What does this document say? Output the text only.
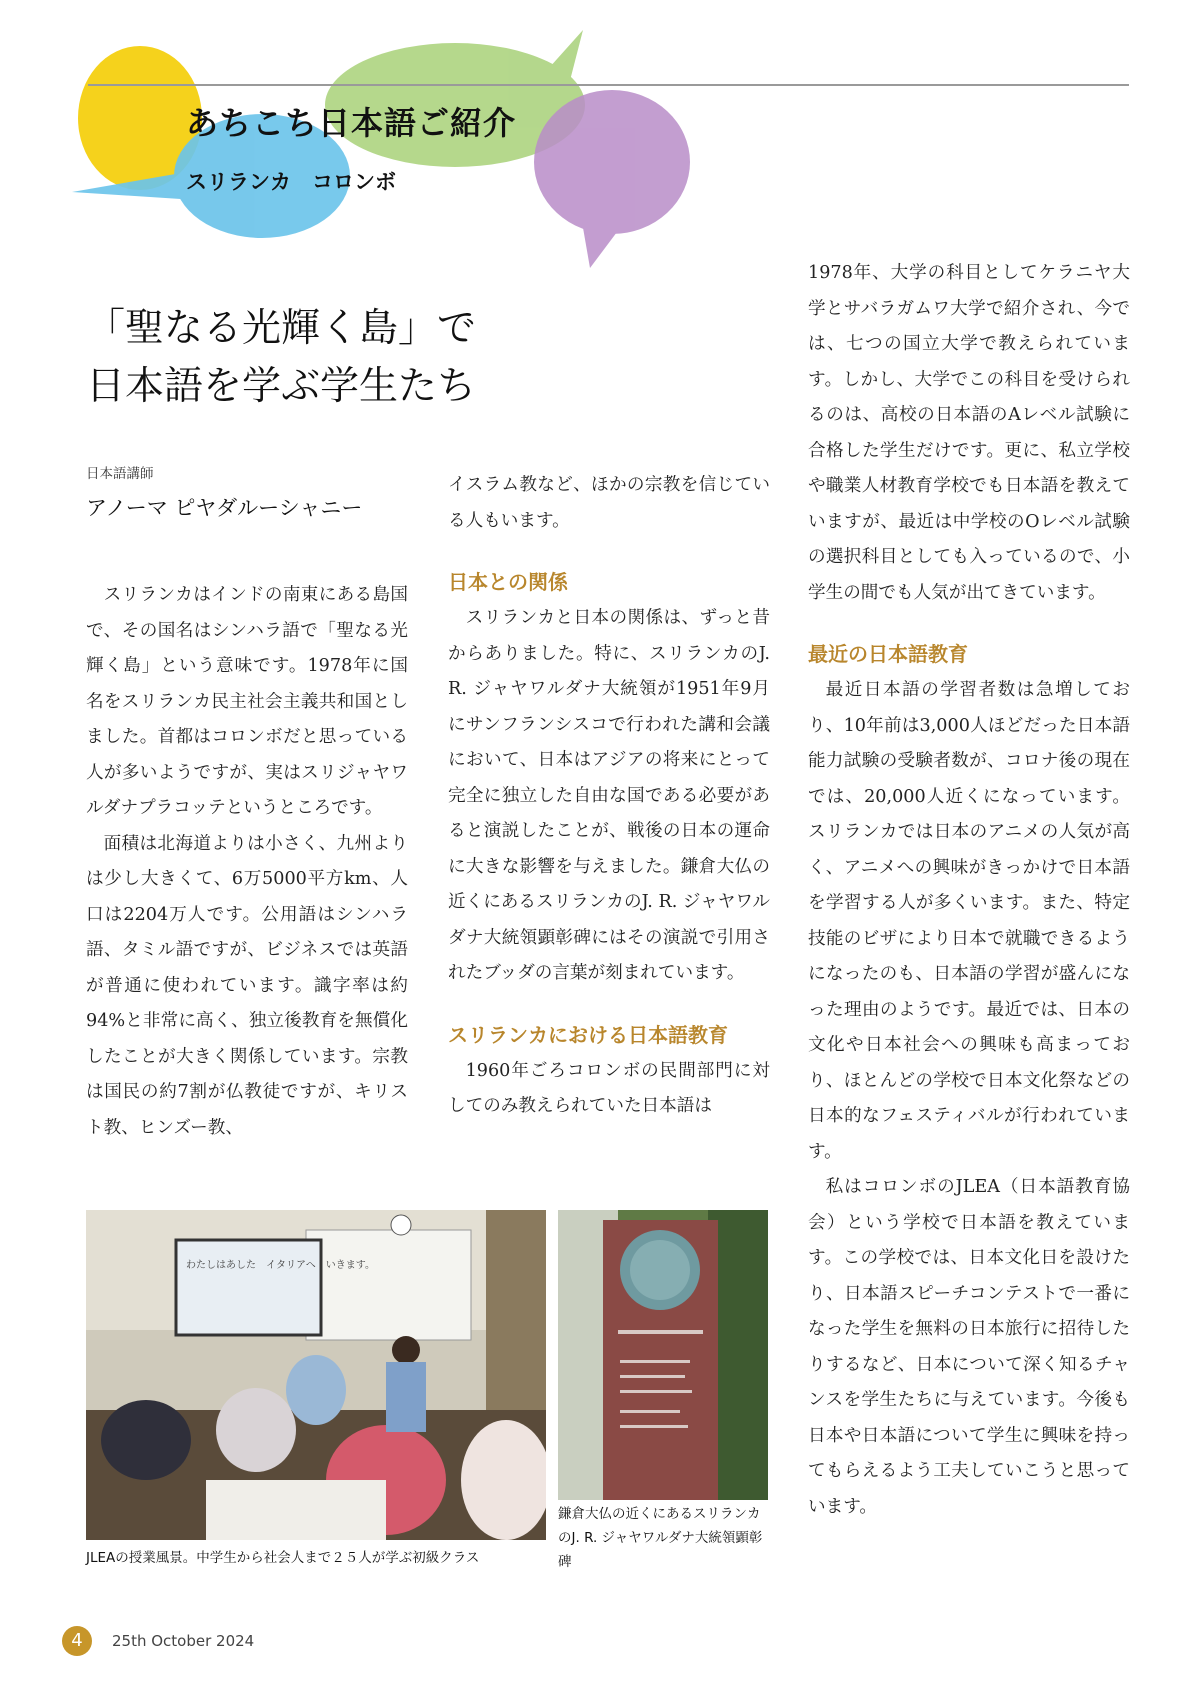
あちこち日本語ご紹介
スリランカ　コロンボ
「聖なる光輝く島」で
日本語を学ぶ学生たち
日本語講師
アノーマ ピヤダルーシャニー

スリランカはインドの南東にある島国で、その国名はシンハラ語で「聖なる光輝く島」という意味です。1978年に国名をスリランカ民主社会主義共和国としました。首都はコロンボだと思っている人が多いようですが、実はスリジャヤワルダナプラコッテというところです。

面積は北海道よりは小さく、九州よりは少し大きくて、6万5000平方km、人口は2204万人です。公用語はシンハラ語、タミル語ですが、ビジネスでは英語が普通に使われています。識字率は約94%と非常に高く、独立後教育を無償化したことが大きく関係しています。宗教は国民の約7割が仏教徒ですが、キリスト教、ヒンズー教、

イスラム教など、ほかの宗教を信じている人もいます。

日本との関係

スリランカと日本の関係は、ずっと昔からありました。特に、スリランカのJ. R. ジャヤワルダナ大統領が1951年9月にサンフランシスコで行われた講和会議において、日本はアジアの将来にとって完全に独立した自由な国である必要があると演説したことが、戦後の日本の運命に大きな影響を与えました。鎌倉大仏の近くにあるスリランカのJ. R. ジャヤワルダナ大統領顕彰碑にはその演説で引用されたブッダの言葉が刻まれています。

スリランカにおける日本語教育

1960年ごろコロンボの民間部門に対してのみ教えられていた日本語は

1978年、大学の科目としてケラニヤ大学とサバラガムワ大学で紹介され、今では、七つの国立大学で教えられています。しかし、大学でこの科目を受けられるのは、高校の日本語のAレベル試験に合格した学生だけです。更に、私立学校や職業人材教育学校でも日本語を教えていますが、最近は中学校のOレベル試験の選択科目としても入っているので、小学生の間でも人気が出てきています。

最近の日本語教育

最近日本語の学習者数は急増しており、10年前は3,000人ほどだった日本語能力試験の受験者数が、コロナ後の現在では、20,000人近くになっています。スリランカでは日本のアニメの人気が高く、アニメへの興味がきっかけで日本語を学習する人が多くいます。また、特定技能のビザにより日本で就職できるようになったのも、日本語の学習が盛んになった理由のようです。最近では、日本の文化や日本社会への興味も高まっており、ほとんどの学校で日本文化祭などの日本的なフェスティバルが行われています。

私はコロンボのJLEA（日本語教育協会）という学校で日本語を教えています。この学校では、日本文化日を設けたり、日本語スピーチコンテストで一番になった学生を無料の日本旅行に招待したりするなど、日本について深く知るチャンスを学生たちに与えています。今後も日本や日本語について学生に興味を持ってもらえるよう工夫していこうと思っています。

わたしはあした　イタリアへ　いきます。
JLEAの授業風景。中学生から社会人まで２５人が学ぶ初級クラス
鎌倉大仏の近くにあるスリランカのJ. R. ジャヤワルダナ大統領顕彰碑
4	25th October 2024
